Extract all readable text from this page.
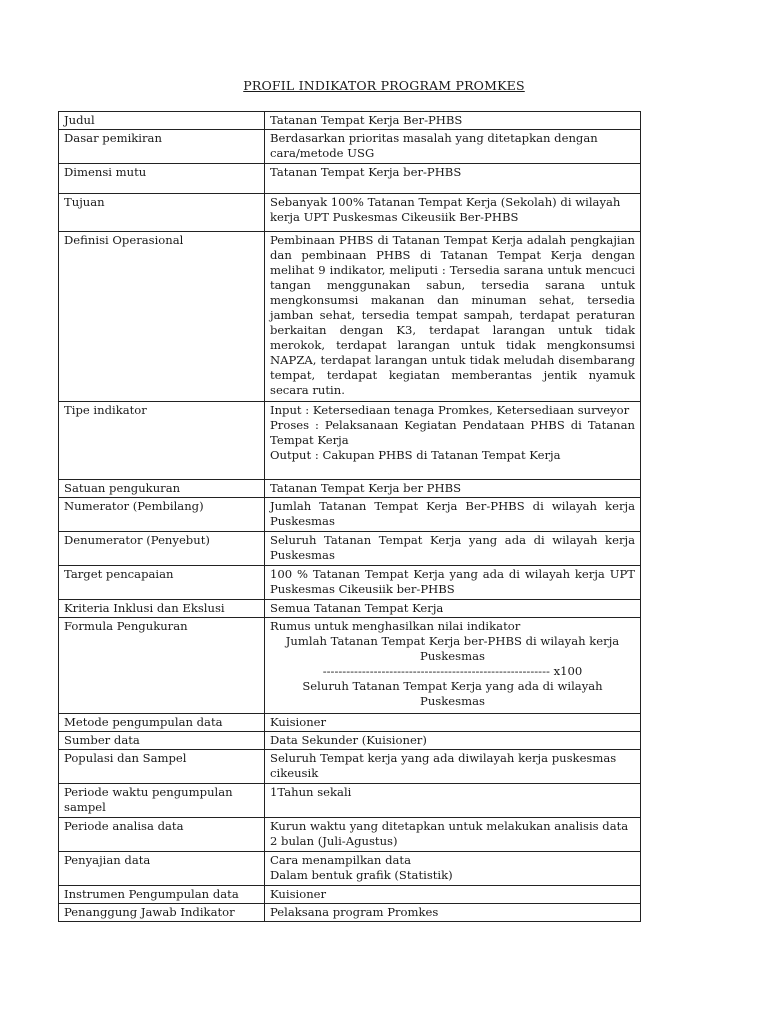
PROFIL INDIKATOR PROGRAM PROMKES
Judul	Tatanan Tempat Kerja Ber-PHBS
Dasar pemikiran	Berdasarkan prioritas masalah yang ditetapkan dengan cara/metode USG
Dimensi mutu	Tatanan Tempat Kerja ber-PHBS
Tujuan	Sebanyak 100% Tatanan Tempat Kerja (Sekolah) di wilayah kerja UPT Puskesmas Cikeusiik Ber-PHBS
Definisi Operasional	Pembinaan PHBS di Tatanan Tempat Kerja adalah pengkajian dan pembinaan PHBS di Tatanan Tempat Kerja dengan melihat 9 indikator, meliputi : Tersedia sarana untuk mencuci tangan menggunakan sabun, tersedia sarana untuk mengkonsumsi makanan dan minuman sehat, tersedia jamban sehat, tersedia tempat sampah, terdapat peraturan berkaitan dengan K3, terdapat larangan untuk tidak merokok, terdapat larangan untuk tidak mengkonsumsi NAPZA, terdapat larangan untuk tidak meludah disembarang tempat, terdapat kegiatan memberantas jentik nyamuk secara rutin.
Tipe indikator	Input : Ketersediaan tenaga Promkes, Ketersediaan surveyor
Proses : Pelaksanaan Kegiatan Pendataan PHBS di Tatanan Tempat Kerja
Output : Cakupan PHBS di Tatanan Tempat Kerja

Satuan pengukuran	Tatanan Tempat Kerja ber PHBS
Numerator (Pembilang)	Jumlah Tatanan Tempat Kerja Ber-PHBS di wilayah kerja Puskesmas
Denumerator (Penyebut)	Seluruh Tatanan Tempat Kerja yang ada di wilayah kerja Puskesmas
Target pencapaian	100 % Tatanan Tempat Kerja yang ada di wilayah kerja UPT Puskesmas Cikeusiik ber-PHBS
Kriteria Inklusi dan Ekslusi	Semua Tatanan Tempat Kerja
Formula Pengukuran	Rumus untuk menghasilkan nilai indikator
Jumlah Tatanan Tempat Kerja ber-PHBS di wilayah kerja Puskesmas
---------------------------------------------------------- x100
Seluruh Tatanan Tempat Kerja yang ada di wilayah Puskesmas

Metode pengumpulan data	Kuisioner
Sumber data	Data Sekunder (Kuisioner)
Populasi dan Sampel	Seluruh Tempat kerja yang ada diwilayah kerja puskesmas cikeusik
Periode waktu pengumpulan sampel	1Tahun sekali
Periode analisa data	Kurun waktu yang ditetapkan untuk melakukan analisis data 2 bulan (Juli-Agustus)
Penyajian data	Cara menampilkan data
Dalam bentuk grafik (Statistik)

Instrumen Pengumpulan data	Kuisioner
Penanggung Jawab Indikator	Pelaksana program Promkes
